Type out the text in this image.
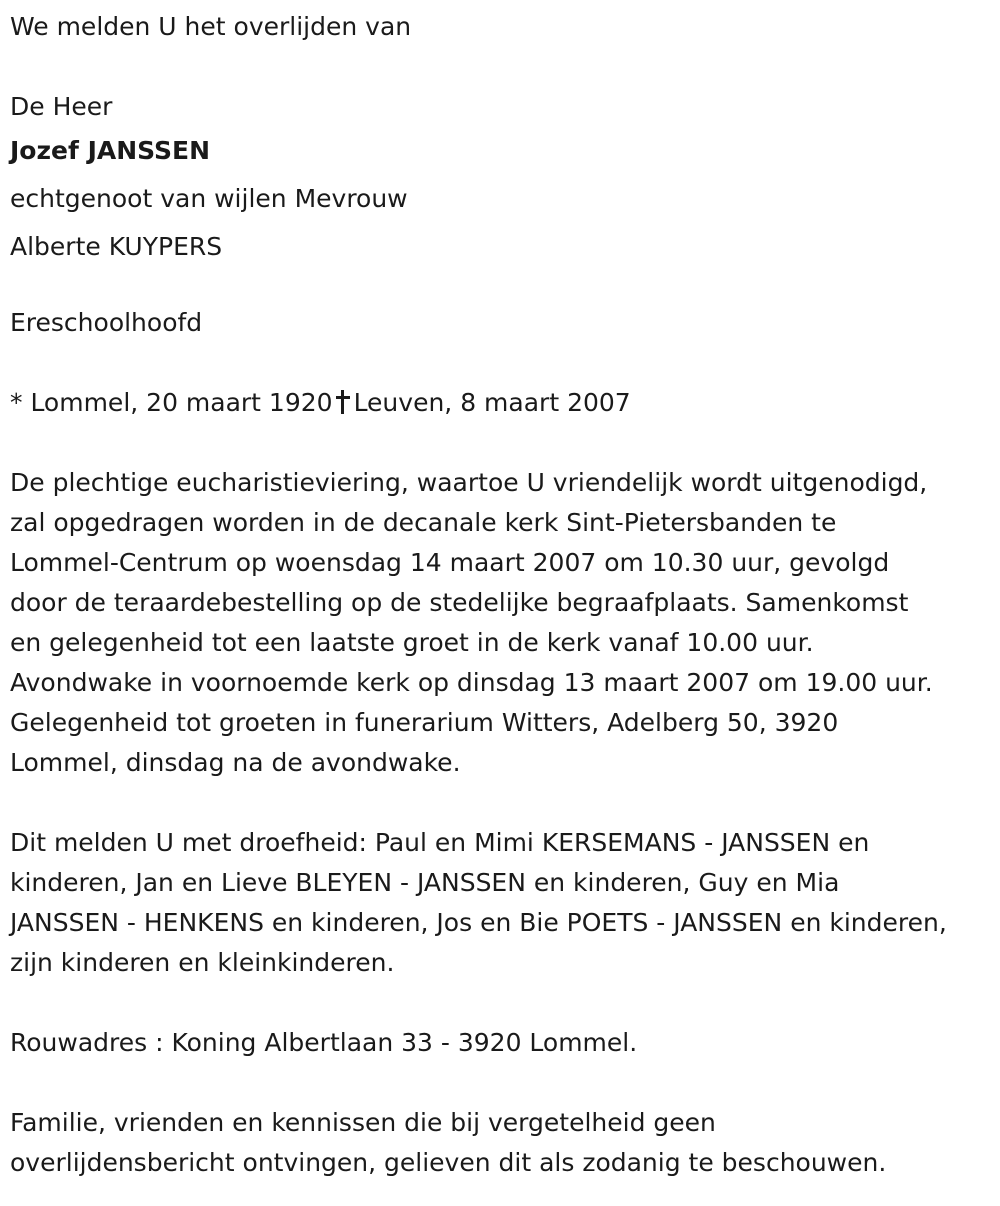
We melden U het overlijden van
De Heer
Jozef JANSSEN
echtgenoot van wijlen Mevrouw
Alberte KUYPERS
Ereschoolhoofd
* Lommel, 20 maart 1920 Leuven, 8 maart 2007
De plechtige eucharistieviering, waartoe U vriendelijk wordt uitgenodigd,
zal opgedragen worden in de decanale kerk Sint-Pietersbanden te
Lommel-Centrum op woensdag 14 maart 2007 om 10.30 uur, gevolgd
door de teraardebestelling op de stedelijke begraafplaats. Samenkomst
en gelegenheid tot een laatste groet in de kerk vanaf 10.00 uur.
Avondwake in voornoemde kerk op dinsdag 13 maart 2007 om 19.00 uur.
Gelegenheid tot groeten in funerarium Witters, Adelberg 50, 3920
Lommel, dinsdag na de avondwake.
Dit melden U met droefheid: Paul en Mimi KERSEMANS - JANSSEN en
kinderen, Jan en Lieve BLEYEN - JANSSEN en kinderen, Guy en Mia
JANSSEN - HENKENS en kinderen, Jos en Bie POETS - JANSSEN en kinderen,
zijn kinderen en kleinkinderen.
Rouwadres : Koning Albertlaan 33 - 3920 Lommel.
Familie, vrienden en kennissen die bij vergetelheid geen
overlijdensbericht ontvingen, gelieven dit als zodanig te beschouwen.
